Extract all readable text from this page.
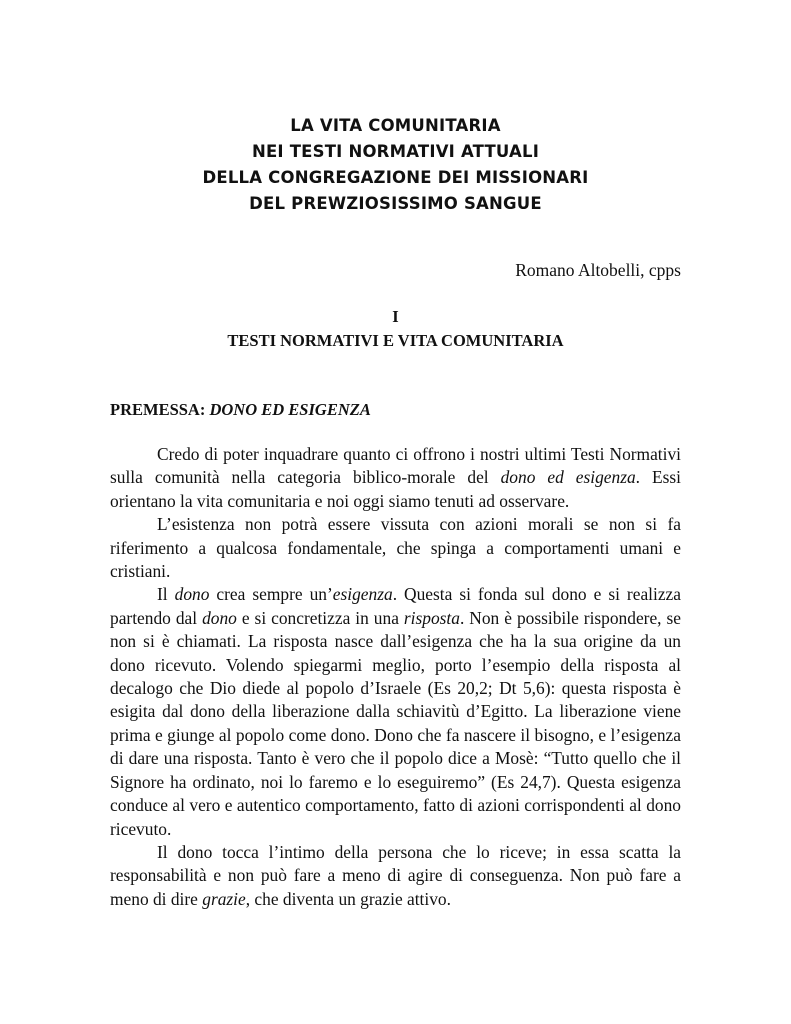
LA VITA COMUNITARIA
NEI TESTI NORMATIVI ATTUALI
DELLA CONGREGAZIONE DEI MISSIONARI
DEL PREWZIOSISSIMO SANGUE
Romano Altobelli, cpps
I
TESTI NORMATIVI E VITA COMUNITARIA
PREMESSA: DONO ED ESIGENZA

Credo di poter inquadrare quanto ci offrono i nostri ultimi Testi Normativi sulla comunità nella categoria biblico-morale del dono ed esigenza. Essi orientano la vita comunitaria e noi oggi siamo tenuti ad osservare.

L’esistenza non potrà essere vissuta con azioni morali se non si fa riferimento a qualcosa fondamentale, che spinga a comportamenti umani e cristiani.

Il dono crea sempre un’esigenza. Questa si fonda sul dono e si realizza partendo dal dono e si concretizza in una risposta. Non è possibile rispondere, se non si è chiamati. La risposta nasce dall’esigenza che ha la sua origine da un dono ricevuto. Volendo spiegarmi meglio, porto l’esempio della risposta al decalogo che Dio diede al popolo d’Israele (Es 20,2; Dt 5,6): questa risposta è esigita dal dono della liberazione dalla schiavitù d’Egitto. La liberazione viene prima e giunge al popolo come dono. Dono che fa nascere il bisogno, e l’esigenza di dare una risposta. Tanto è vero che il popolo dice a Mosè: “Tutto quello che il Signore ha ordinato, noi lo faremo e lo eseguiremo” (Es 24,7). Questa esigenza conduce al vero e autentico comportamento, fatto di azioni corrispondenti al dono ricevuto.

Il dono tocca l’intimo della persona che lo riceve; in essa scatta la responsabilità e non può fare a meno di agire di conseguenza. Non può fare a meno di dire grazie, che diventa un grazie attivo.
